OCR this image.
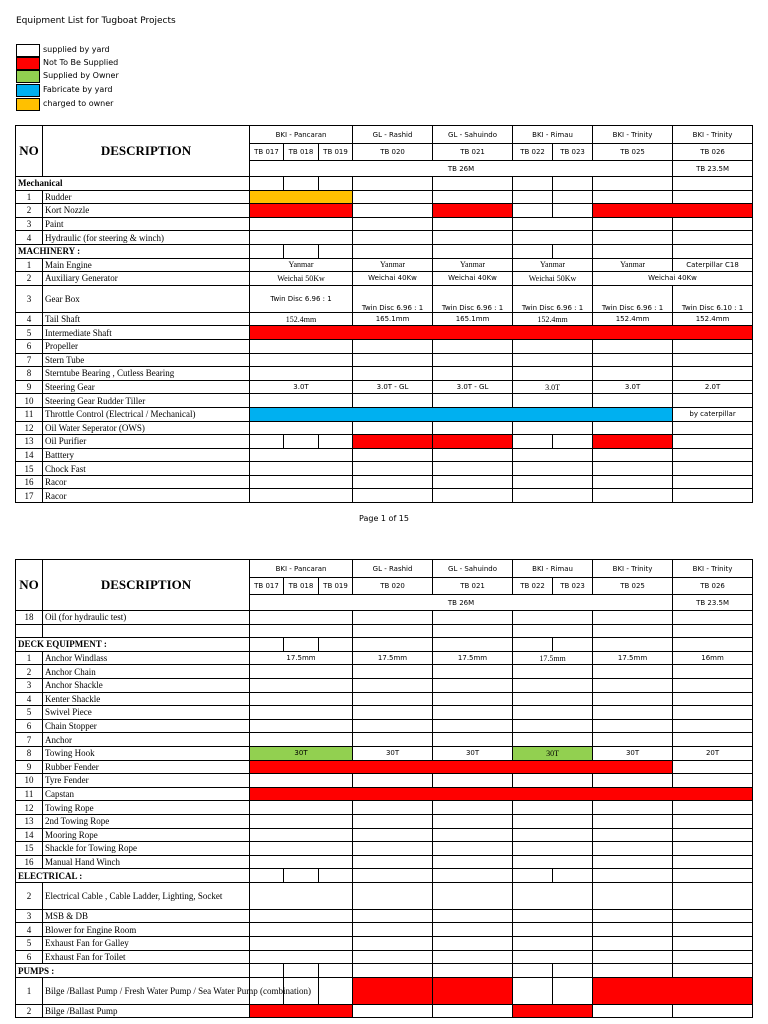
Equipment List for Tugboat Projects
supplied by yard
Not To Be Supplied
Supplied by Owner
Fabricate by yard
charged to owner
NO	DESCRIPTION	BKI - Pancaran			GL - Rashid	GL - Sahuindo	BKI - Rimau		BKI - Trinity	BKI - Trinity
		TB 017	TB 018	TB 019	TB 020	TB 021	TB 022	TB 023	TB 025	TB 026
		TB 26M								TB 23.5M
Mechanical										
1	Rudder									
2	Kort Nozzle									
3	Paint									
4	Hydraulic (for steering & winch)									
MACHINERY :										
1	Main Engine	Yanmar			Yanmar	Yanmar	Yanmar		Yanmar	Caterpillar C18
2	Auxiliary Generator	Weichai 50Kw			Weichai 40Kw	Weichai 40Kw	Weichai 50Kw		Weichai 40Kw	
3	Gear Box	Twin Disc 6.96 : 1			Twin Disc 6.96 : 1	Twin Disc 6.96 : 1	Twin Disc 6.96 : 1		Twin Disc 6.96 : 1	Twin Disc 6.10 : 1
4	Tail Shaft	152.4mm			165.1mm	165.1mm	152.4mm		152.4mm	152.4mm
5	Intermediate Shaft									
6	Propeller									
7	Stern Tube									
8	Sterntube Bearing , Cutless Bearing									
9	Steering Gear	3.0T			3.0T - GL	3.0T - GL	3.0T		3.0T	2.0T
10	Steering Gear Rudder Tiller									
11	Throttle Control (Electrical / Mechanical)									by caterpillar
12	Oil Water Seperator (OWS)									
13	Oil Purifier									
14	Batttery									
15	Chock Fast									
16	Racor									
17	Racor									
Page 1 of 15
NO	DESCRIPTION	BKI - Pancaran			GL - Rashid	GL - Sahuindo	BKI - Rimau		BKI - Trinity	BKI - Trinity
		TB 017	TB 018	TB 019	TB 020	TB 021	TB 022	TB 023	TB 025	TB 026
		TB 26M								TB 23.5M
18	Oil (for hydraulic test)									

DECK EQUIPMENT :										
1	Anchor Windlass	17.5mm			17.5mm	17.5mm	17.5mm		17.5mm	16mm
2	Anchor Chain									
3	Anchor Shackle									
4	Kenter Shackle									
5	Swivel Piece									
6	Chain Stopper									
7	Anchor									
8	Towing Hook	30T			30T	30T	30T		30T	20T
9	Rubber Fender									
10	Tyre Fender									
11	Capstan									
12	Towing Rope									
13	2nd Towing Rope									
14	Mooring Rope									
15	Shackle for Towing Rope									
16	Manual Hand Winch									
ELECTRICAL :										
2	Electrical Cable , Cable Ladder, Lighting, Socket									
3	MSB & DB									
4	Blower for Engine Room									
5	Exhaust Fan for Galley									
6	Exhaust Fan for Toilet									
PUMPS :										
1	Bilge /Ballast Pump / Fresh Water Pump / Sea Water Pump (combination)									
2	Bilge /Ballast Pump									
